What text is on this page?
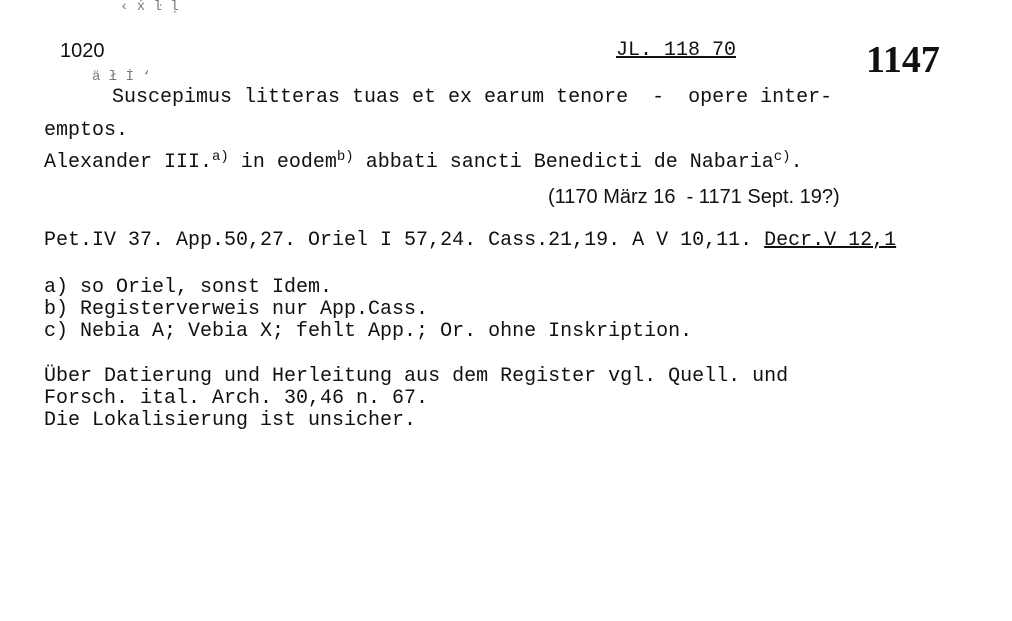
‹ ẋ ŀ ḷ
1020	JL. 118 70	1147
ä ł İ ‘
Suscepimus litteras tuas et ex earum tenore  -  opere inter-
emptos.
Alexander III.$^{a)}$ in eodem$^{b)}$ abbati sancti Benedicti de Nabaria$^{c)}$.
(1170 März 16  - 1171 Sept. 19?)
Pet.IV 37. App.50,27. Oriel I 57,24. Cass.21,19. A V 10,11. Decr.V 12,1
a) so Oriel, sonst Idem.
b) Registerverweis nur App.Cass.
c) Nebia A; Vebia X; fehlt App.; Or. ohne Inskription.
Über Datierung und Herleitung aus dem Register vgl. Quell. und
Forsch. ital. Arch. 30,46 n. 67.
Die Lokalisierung ist unsicher.
